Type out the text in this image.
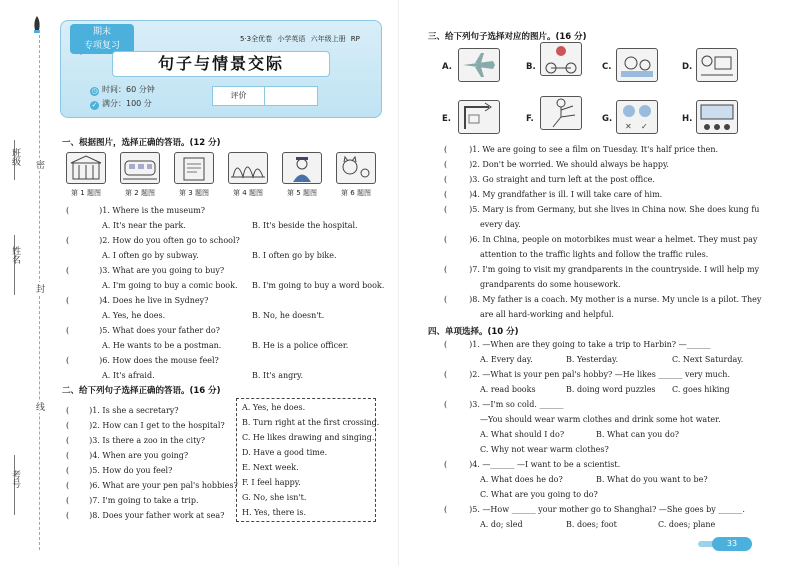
班级
姓名
考号
密
封
线
期末
专项复习
5·3全优卷 小学英语 六年级上册 RP
句子与情景交际
◷ 时间：60 分钟
✓ 满分：100 分
评价
一、根据图片，选择正确的答语。(12 分)
第 1 题图	第 2 题图	第 3 题图	第 4 题图	第 5 题图	第 6 题图
(	)1. Where is the museum?
A. It's near the park.	B. It's beside the hospital.
(	)2. How do you often go to school?
A. I often go by subway.	B. I often go by bike.
(	)3. What are you going to buy?
A. I'm going to buy a comic book. B. I'm going to buy a word book.
(	)4. Does he live in Sydney?
A. Yes, he does.	B. No, he doesn't.
(	)5. What does your father do?
A. He wants to be a postman.	B. He is a police officer.
(	)6. How does the mouse feel?
A. It's afraid.	B. It's angry.
二、给下列句子选择正确的答语。(16 分)
(	)1. Is she a secretary?
(	)2. How can I get to the hospital?
(	)3. Is there a zoo in the city?
(	)4. When are you going?
(	)5. How do you feel?
(	)6. What are your pen pal's hobbies?
(	)7. I'm going to take a trip.
(	)8. Does your father work at sea?
A. Yes, he does.
B. Turn right at the first crossing.
C. He likes drawing and singing.
D. Have a good time.
E. Next week.
F. I feel happy.
G. No, she isn't.
H. Yes, there is.
三、给下列句子选择对应的图片。(16 分)
A.	B.	C.	D.
E.	F.	G.
✕ ✓
H.
(	)1. We are going to see a film on Tuesday. It's half price then.
(	)2. Don't be worried. We should always be happy.
(	)3. Go straight and turn left at the post office.
(	)4. My grandfather is ill. I will take care of him.
(	)5. Mary is from Germany, but she lives in China now. She does kung fu
every day.
(	)6. In China, people on motorbikes must wear a helmet. They must pay
attention to the traffic lights and follow the traffic rules.
(	)7. I'm going to visit my grandparents in the countryside. I will help my
grandparents do some housework.
(	)8. My father is a coach. My mother is a nurse. My uncle is a pilot. They
are all hard-working and helpful.
四、单项选择。(10 分)
(	)1. —When are they going to take a trip to Harbin? —______
A. Every day.	B. Yesterday.	C. Next Saturday.
(	)2. —What is your pen pal's hobby? —He likes ______ very much.
A. read books	B. doing word puzzles C. goes hiking
(	)3. —I'm so cold. ______
—You should wear warm clothes and drink some hot water.
A. What should I do?	B. What can you do?
C. Why not wear warm clothes?
(	)4. —______ —I want to be a scientist.
A. What does he do?	B. What do you want to be?
C. What are you going to do?
(	)5. —How ______ your mother go to Shanghai? —She goes by ______.
A. do; sled	B. does; foot	C. does; plane
33
